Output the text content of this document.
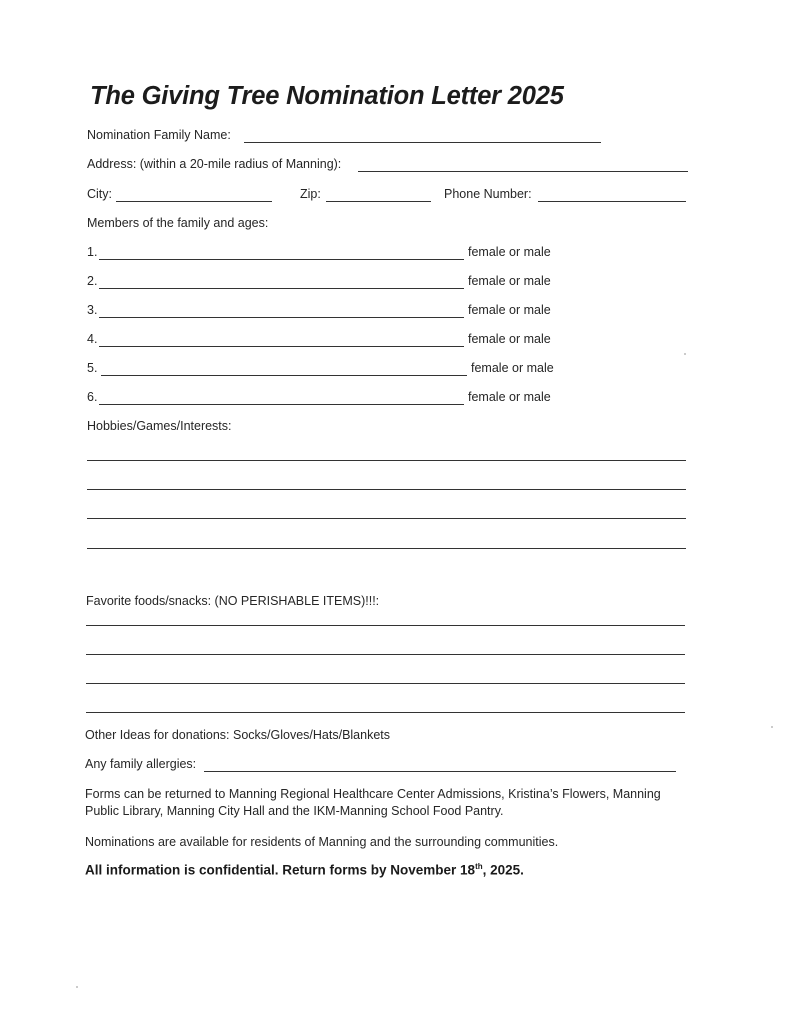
The Giving Tree Nomination Letter 2025
Nomination Family Name:
Address: (within a 20-mile radius of Manning):
City:	Zip:	Phone Number:
Members of the family and ages:
1.	female or male
2.	female or male
3.	female or male
4.	female or male
5.	female or male
6.	female or male
Hobbies/Games/Interests:
Favorite foods/snacks: (NO PERISHABLE ITEMS)!!!:
Other Ideas for donations: Socks/Gloves/Hats/Blankets
Any family allergies:

Forms can be returned to Manning Regional Healthcare Center Admissions, Kristina’s Flowers, Manning Public Library, Manning City Hall and the IKM-Manning School Food Pantry.

Nominations are available for residents of Manning and the surrounding communities.

All information is confidential. Return forms by November 18th, 2025.
